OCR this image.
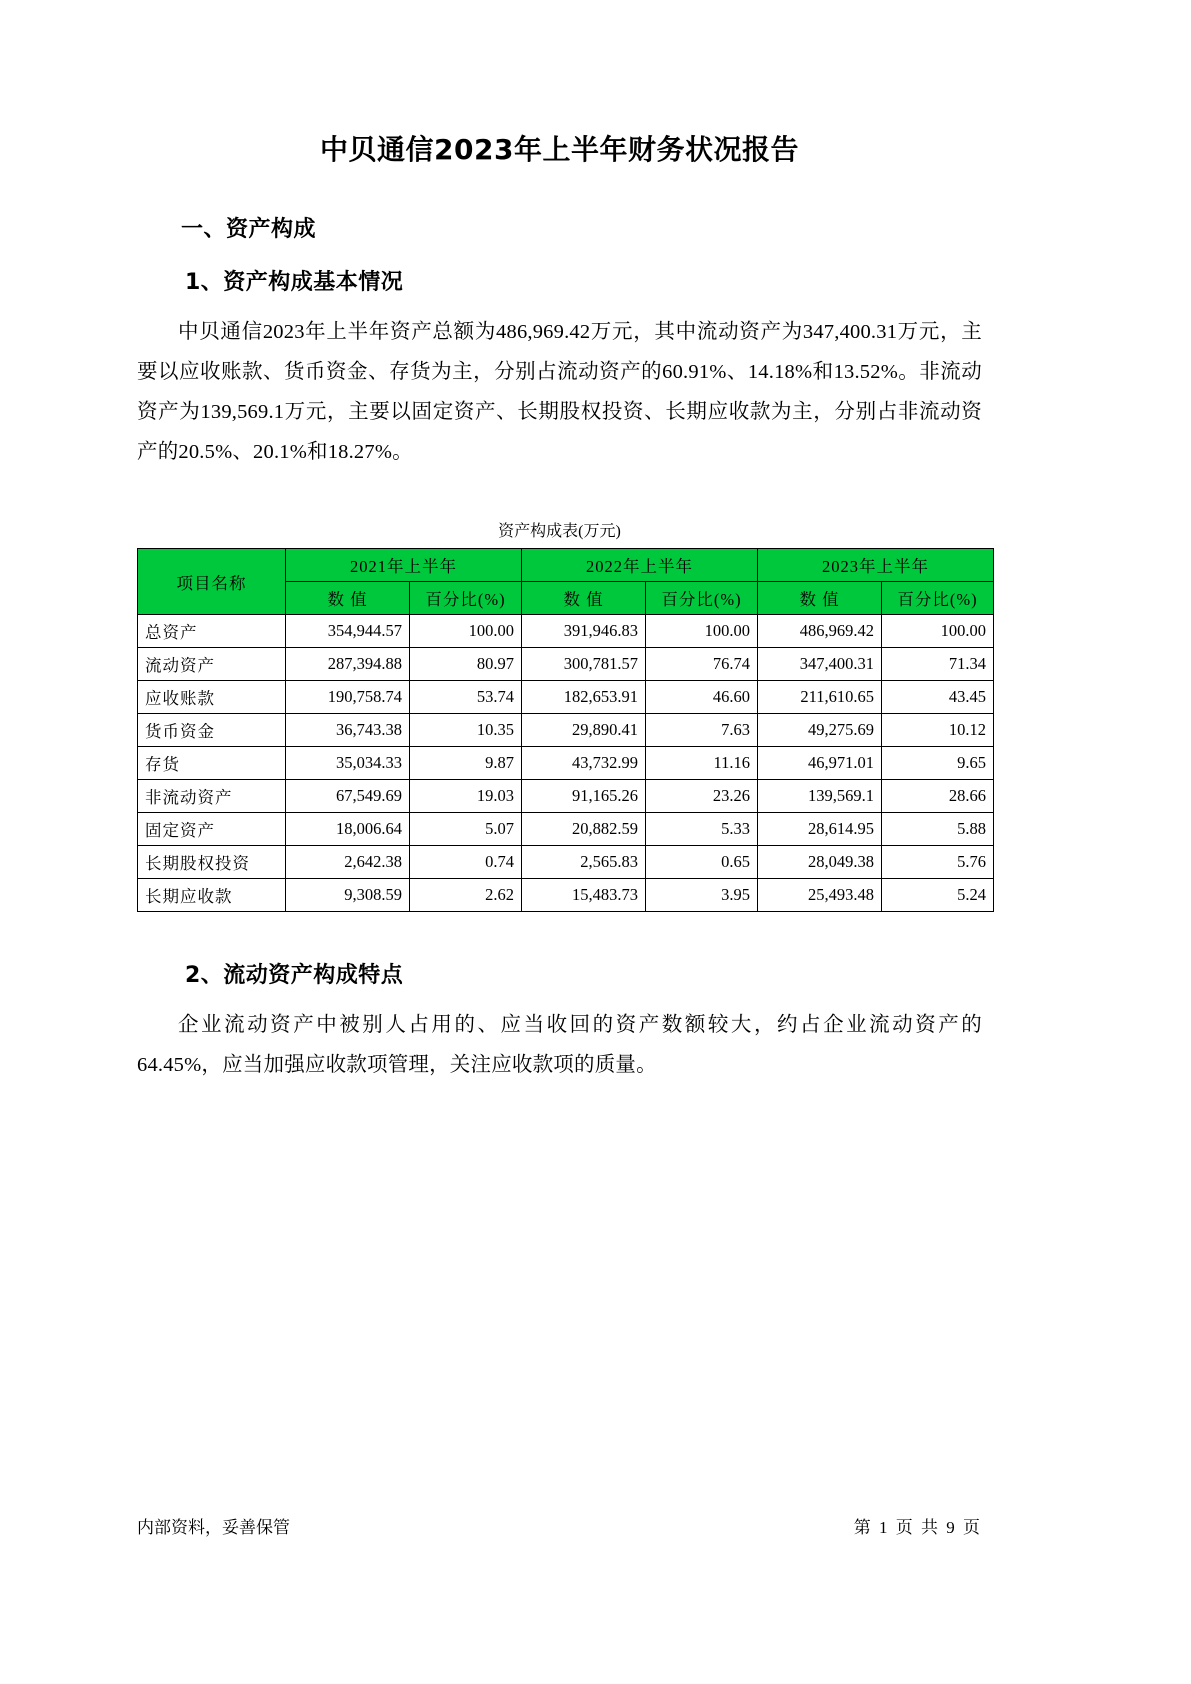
中贝通信2023年上半年财务状况报告
一、资产构成
1、资产构成基本情况

中贝通信2023年上半年资产总额为486,969.42万元，其中流动资产为347,400.31万元，主要以应收账款、货币资金、存货为主，分别占流动资产的60.91%、14.18%和13.52%。非流动资产为139,569.1万元，主要以固定资产、长期股权投资、长期应收款为主，分别占非流动资产的20.5%、20.1%和18.27%。

资产构成表(万元)
项目名称	2021年上半年		2022年上半年		2023年上半年	
	数 值	百分比(%)	数 值	百分比(%)	数 值	百分比(%)
总资产	354,944.57	100.00	391,946.83	100.00	486,969.42	100.00
流动资产	287,394.88	80.97	300,781.57	76.74	347,400.31	71.34
应收账款	190,758.74	53.74	182,653.91	46.60	211,610.65	43.45
货币资金	36,743.38	10.35	29,890.41	7.63	49,275.69	10.12
存货	35,034.33	9.87	43,732.99	11.16	46,971.01	9.65
非流动资产	67,549.69	19.03	91,165.26	23.26	139,569.1	28.66
固定资产	18,006.64	5.07	20,882.59	5.33	28,614.95	5.88
长期股权投资	2,642.38	0.74	2,565.83	0.65	28,049.38	5.76
长期应收款	9,308.59	2.62	15,483.73	3.95	25,493.48	5.24
2、流动资产构成特点

企业流动资产中被别人占用的、应当收回的资产数额较大，约占企业流动资产的64.45%，应当加强应收款项管理，关注应收款项的质量。

内部资料，妥善保管	第 1 页 共 9 页
